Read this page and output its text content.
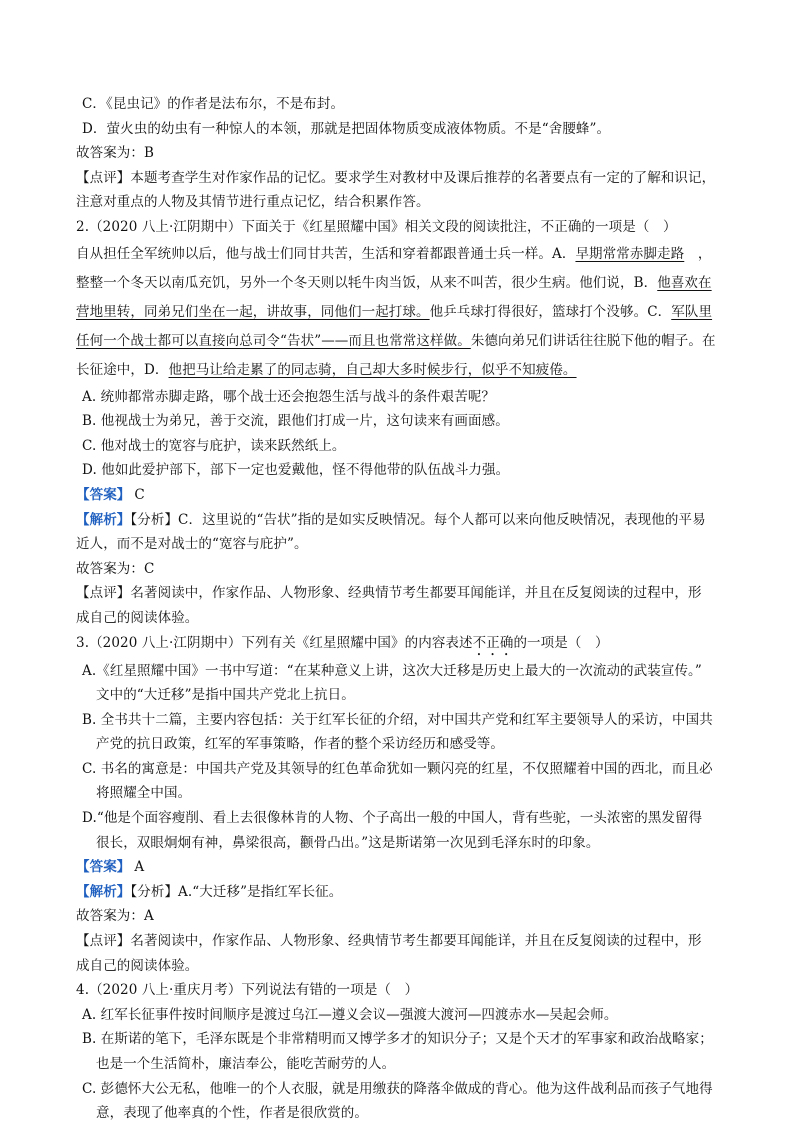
C．《昆虫记》的作者是法布尔，不是布封。
D．萤火虫的幼虫有一种惊人的本领，那就是把固体物质变成液体物质。不是“舍腰蜂”。
故答案为：B
【点评】本题考查学生对作家作品的记忆。要求学生对教材中及课后推荐的名著要点有一定的了解和识记，
注意对重点的人物及其情节进行重点记忆，结合积累作答。
2.（2020 八上·江阴期中）下面关于《红星照耀中国》相关文段的阅读批注，不正确的一项是（　）
自从担任全军统帅以后，他与战士们同甘共苦，生活和穿着都跟普通士兵一样。A．早期常常赤脚走路　，
整整一个冬天以南瓜充饥，另外一个冬天则以牦牛肉当饭，从来不叫苦，很少生病。他们说，B．他喜欢在
营地里转，同弟兄们坐在一起，讲故事，同他们一起打球。他乒乓球打得很好，篮球打个没够。C．军队里
任何一个战士都可以直接向总司令“告状”——而且也常常这样做。朱德向弟兄们讲话往往脱下他的帽子。在
长征途中，D．他把马让给走累了的同志骑，自己却大多时候步行，似乎不知疲倦。
A. 统帅都常赤脚走路，哪个战士还会抱怨生活与战斗的条件艰苦呢？
B. 他视战士为弟兄，善于交流，跟他们打成一片，这句读来有画面感。
C. 他对战士的宽容与庇护，读来跃然纸上。
D. 他如此爱护部下，部下一定也爱戴他，怪不得他带的队伍战斗力强。
【答案】 C
【解析】【分析】C．这里说的“告状”指的是如实反映情况。每个人都可以来向他反映情况，表现他的平易
近人，而不是对战士的“宽容与庇护”。
故答案为：C
【点评】名著阅读中，作家作品、人物形象、经典情节考生都要耳闻能详，并且在反复阅读的过程中，形
成自己的阅读体验。
3.（2020 八上·江阴期中）下列有关《红星照耀中国》的内容表述不正确的一项是（　）
A.《红星照耀中国》一书中写道：“在某种意义上讲，这次大迁移是历史上最大的一次流动的武装宣传。”
文中的“大迁移”是指中国共产党北上抗日。
B. 全书共十二篇，主要内容包括：关于红军长征的介绍，对中国共产党和红军主要领导人的采访，中国共
产党的抗日政策，红军的军事策略，作者的整个采访经历和感受等。
C. 书名的寓意是：中国共产党及其领导的红色革命犹如一颗闪亮的红星，不仅照耀着中国的西北，而且必
将照耀全中国。
D.“他是个面容瘦削、看上去很像林肯的人物、个子高出一般的中国人，背有些驼，一头浓密的黑发留得
很长，双眼炯炯有神，鼻梁很高，颧骨凸出。”这是斯诺第一次见到毛泽东时的印象。
【答案】 A
【解析】【分析】A.“大迁移”是指红军长征。
故答案为：A
【点评】名著阅读中，作家作品、人物形象、经典情节考生都要耳闻能详，并且在反复阅读的过程中，形
成自己的阅读体验。
4.（2020 八上·重庆月考）下列说法有错的一项是（　）
A. 红军长征事件按时间顺序是渡过乌江—遵义会议—强渡大渡河—四渡赤水—吴起会师。
B. 在斯诺的笔下，毛泽东既是个非常精明而又博学多才的知识分子；又是个天才的军事家和政治战略家；
也是一个生活简朴，廉洁奉公，能吃苦耐劳的人。
C. 彭德怀大公无私，他唯一的个人衣服，就是用缴获的降落伞做成的背心。他为这件战利品而孩子气地得
意，表现了他率真的个性，作者是很欣赏的。
